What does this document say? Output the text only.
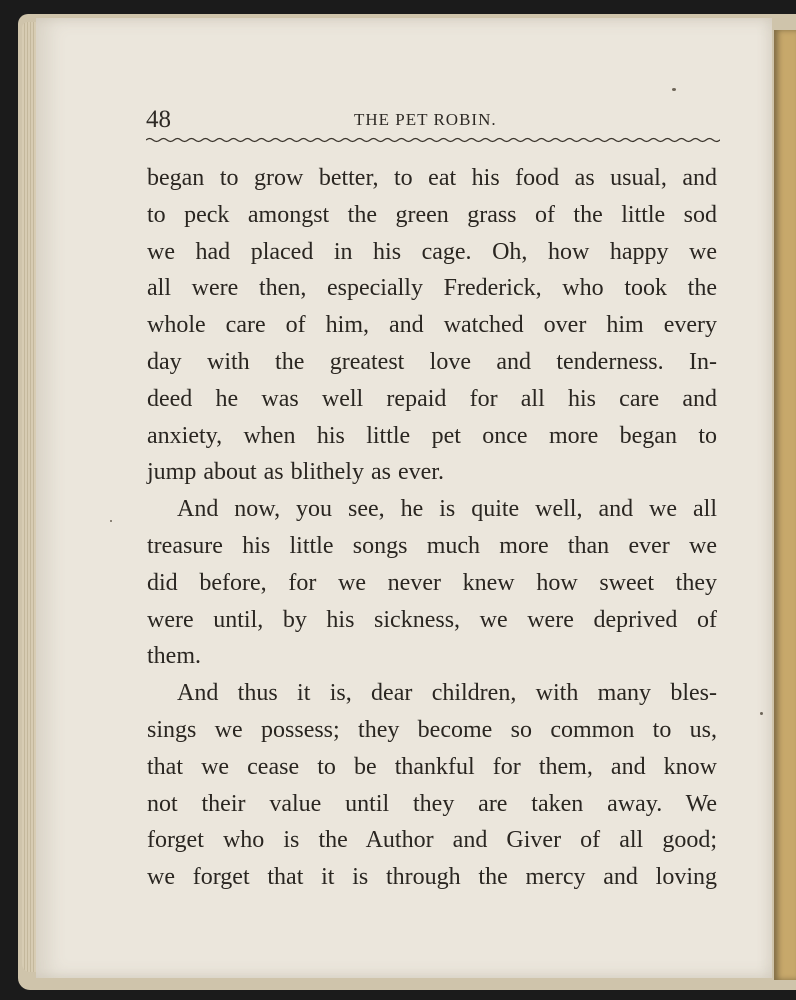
48	THE PET ROBIN.
began to grow better, to eat his food as usual, and
to peck amongst the green grass of the little sod
we had placed in his cage. Oh, how happy we
all were then, especially Frederick, who took the
whole care of him, and watched over him every
day with the greatest love and tenderness. In-
deed he was well repaid for all his care and
anxiety, when his little pet once more began to
jump about as blithely as ever.
And now, you see, he is quite well, and we all
treasure his little songs much more than ever we
did before, for we never knew how sweet they
were until, by his sickness, we were deprived of
them.
And thus it is, dear children, with many bles-
sings we possess; they become so common to us,
that we cease to be thankful for them, and know
not their value until they are taken away. We
forget who is the Author and Giver of all good;
we forget that it is through the mercy and loving
